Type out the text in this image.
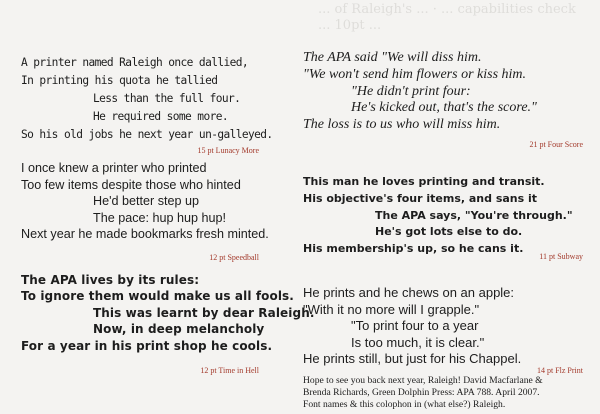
... of Raleigh's ... · ... capabilities check
... 10pt ...
A printer named Raleigh once dallied,
In printing his quota he tallied
Less than the full four.
He required some more.
So his old jobs he next year un-galleyed.
15 pt Lunacy More
I once knew a printer who printed
Too few items despite those who hinted
He'd better step up
The pace: hup hup hup!
Next year he made bookmarks fresh minted.
12 pt Speedball
The APA lives by its rules:
To ignore them would make us all fools.
This was learnt by dear Raleigh.
Now, in deep melancholy
For a year in his print shop he cools.
12 pt Time in Hell
The APA said "We will diss him.
"We won't send him flowers or kiss him.
"He didn't print four:
He's kicked out, that's the score."
The loss is to us who will miss him.
21 pt Four Score
This man he loves printing and transit.
His objective's four items, and sans it
The APA says, "You're through."
He's got lots else to do.
His membership's up, so he cans it.
11 pt Subway
He prints and he chews on an apple:
"With it no more will I grapple."
"To print four to a year
Is too much, it is clear."
He prints still, but just for his Chappel.
14 pt Flz Print
Hope to see you back next year, Raleigh! David Macfarlane &
Brenda Richards, Green Dolphin Press: APA 788. April 2007.
Font names & this colophon in (what else?) Raleigh.
